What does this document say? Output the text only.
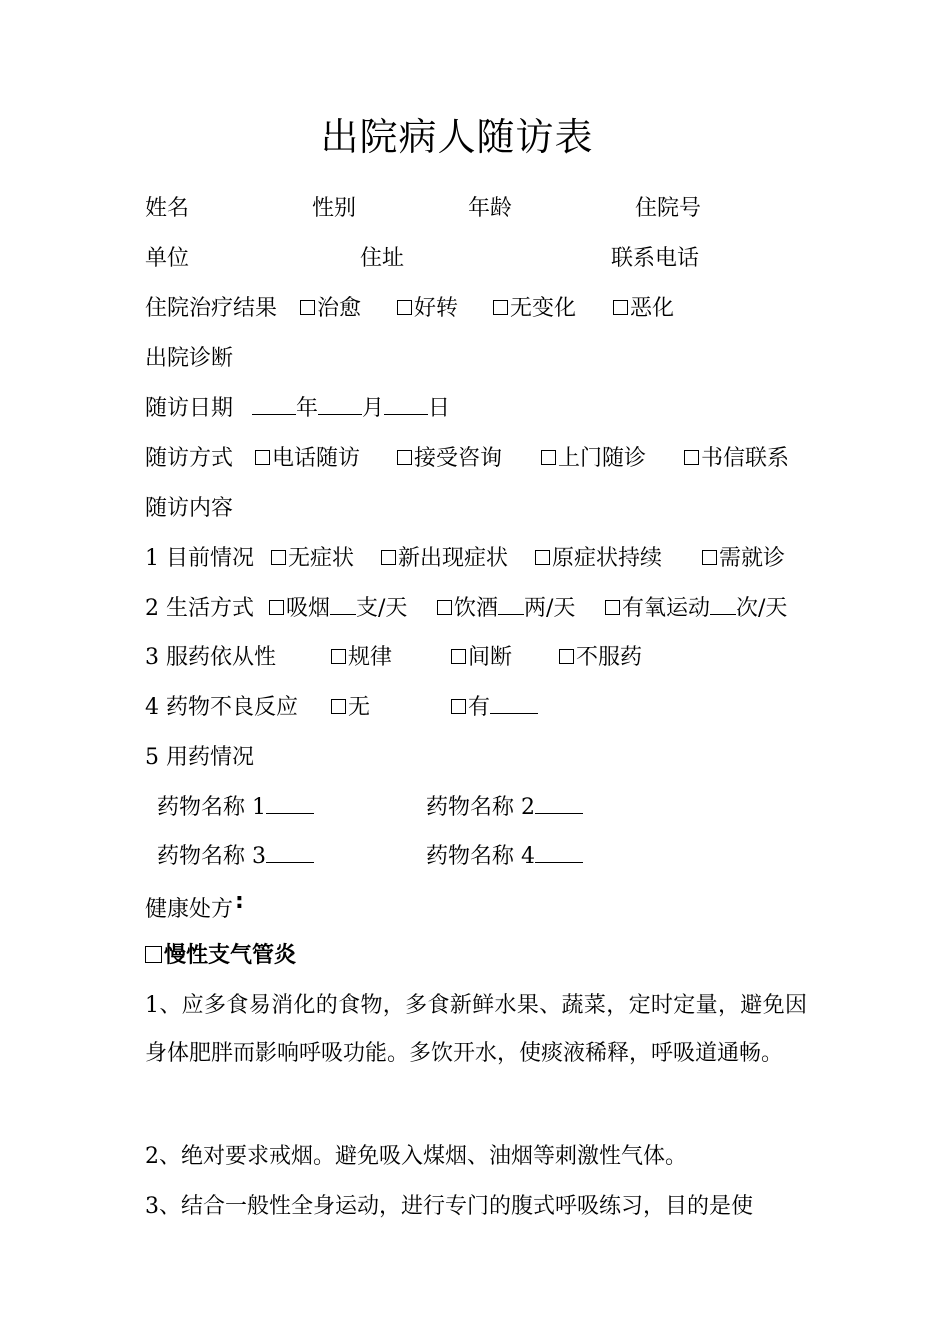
出院病人随访表
姓名	性别	年龄	住院号
单位	住址	联系电话
住院治疗结果	治愈	好转	无变化	恶化
出院诊断
随访日期	年 月 日
随访方式	电话随访	接受咨询	上门随诊	书信联系
随访内容
1 目前情况	无症状	新出现症状	原症状持续	需就诊
2 生活方式	吸烟 支/天	饮酒 两/天	有氧运动 次/天
3 服药依从性	规律	间断	不服药
4 药物不良反应	无	有
5 用药情况
药物名称 1	药物名称 2
药物名称 3	药物名称 4
健康处方:
慢性支气管炎
1、应多食易消化的食物，多食新鲜水果、蔬菜，定时定量，避免因身体肥胖而影响呼吸功能。多饮开水，使痰液稀释，呼吸道通畅。
2、绝对要求戒烟。避免吸入煤烟、油烟等刺激性气体。
3、结合一般性全身运动，进行专门的腹式呼吸练习，目的是使
